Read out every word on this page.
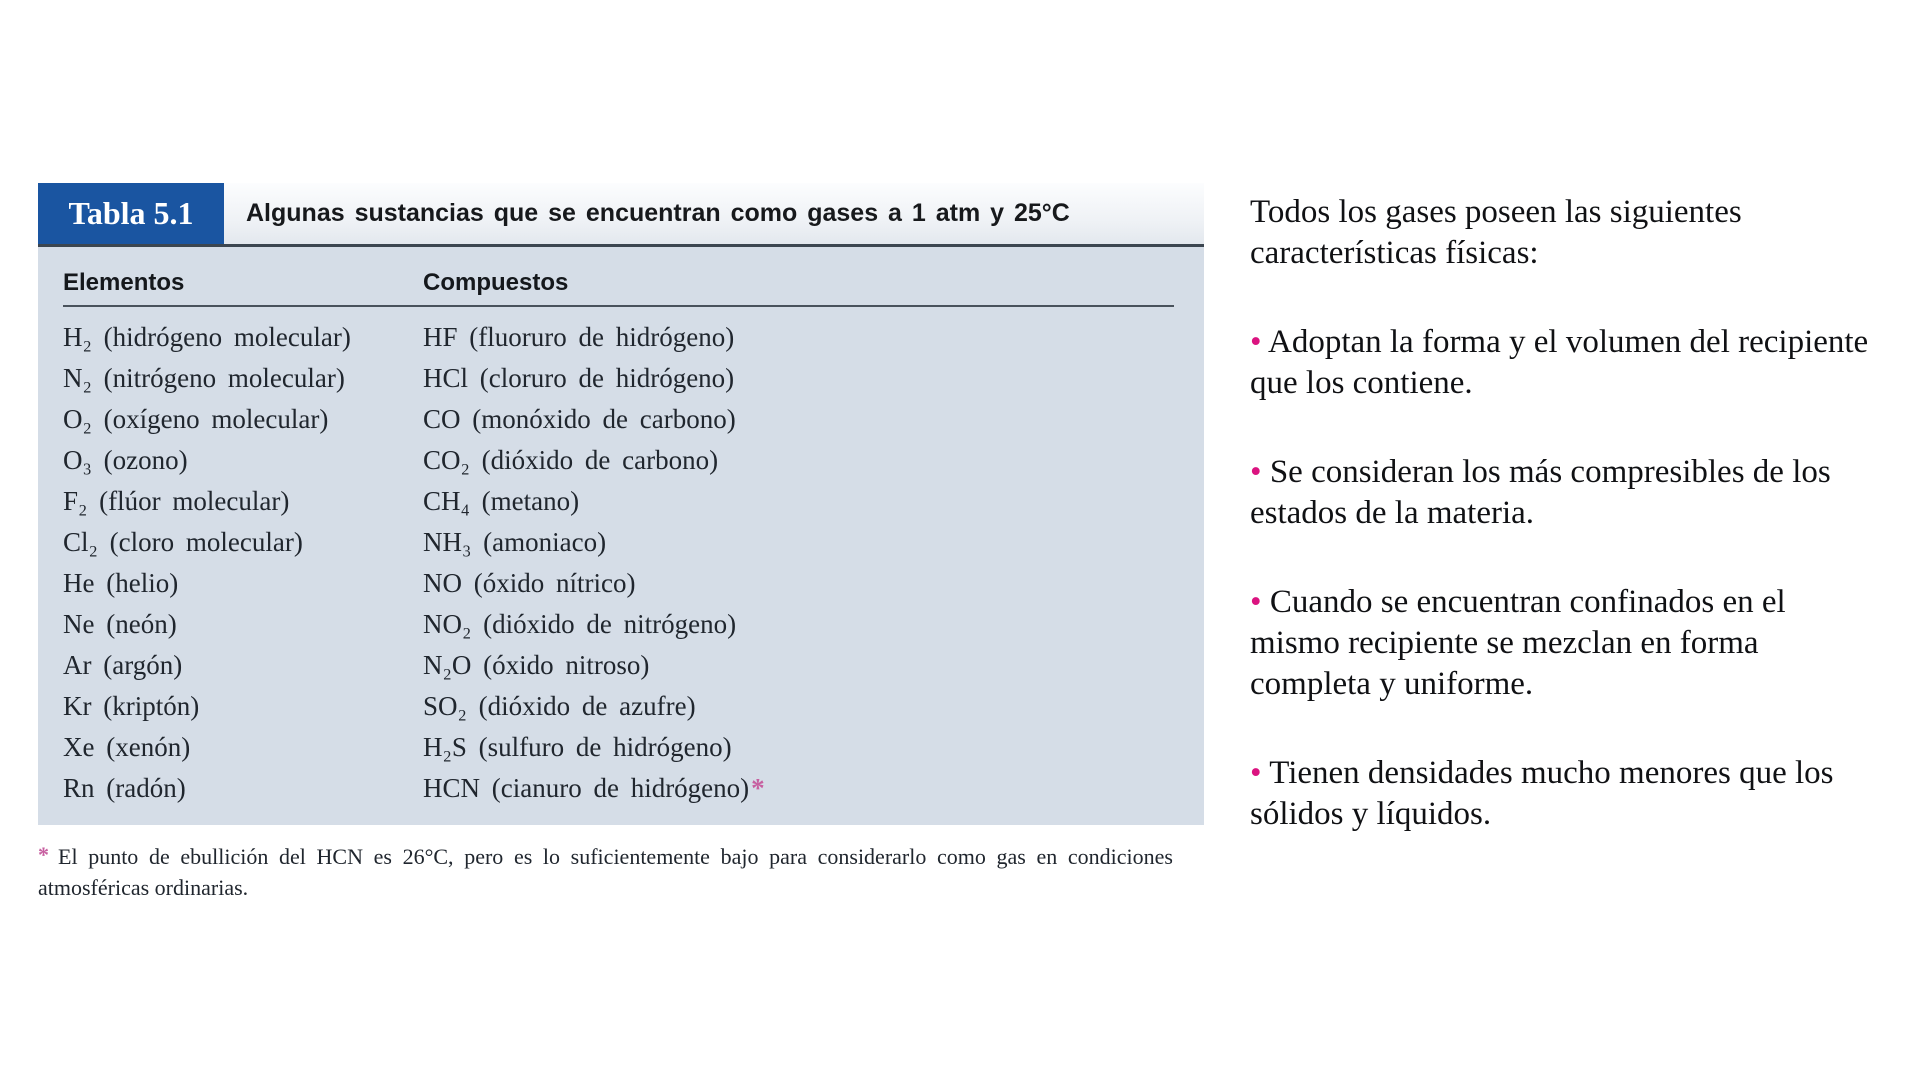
Tabla 5.1 Algunas sustancias que se encuentran como gases a 1 atm y 25°C
Elementos	Compuestos
H₂ (hidrógeno molecular)	HF (fluoruro de hidrógeno)
N₂ (nitrógeno molecular)	HCl (cloruro de hidrógeno)
O₂ (oxígeno molecular)	CO (monóxido de carbono)
O₃ (ozono)	CO₂ (dióxido de carbono)
F₂ (flúor molecular)	CH₄ (metano)
Cl₂ (cloro molecular)	NH₃ (amoniaco)
He (helio)	NO (óxido nítrico)
Ne (neón)	NO₂ (dióxido de nitrógeno)
Ar (argón)	N₂O (óxido nitroso)
Kr (kriptón)	SO₂ (dióxido de azufre)
Xe (xenón)	H₂S (sulfuro de hidrógeno)
Rn (radón)	HCN (cianuro de hidrógeno)*

* El punto de ebullición del HCN es 26°C, pero es lo suficientemente bajo para considerarlo como gas en condiciones atmosféricas ordinarias.

Todos los gases poseen las siguientes características físicas:

• Adoptan la forma y el volumen del recipiente que los contiene.

• Se consideran los más compresibles de los estados de la materia.

• Cuando se encuentran confinados en el mismo recipiente se mezclan en forma completa y uniforme.

• Tienen densidades mucho menores que los sólidos y líquidos.
